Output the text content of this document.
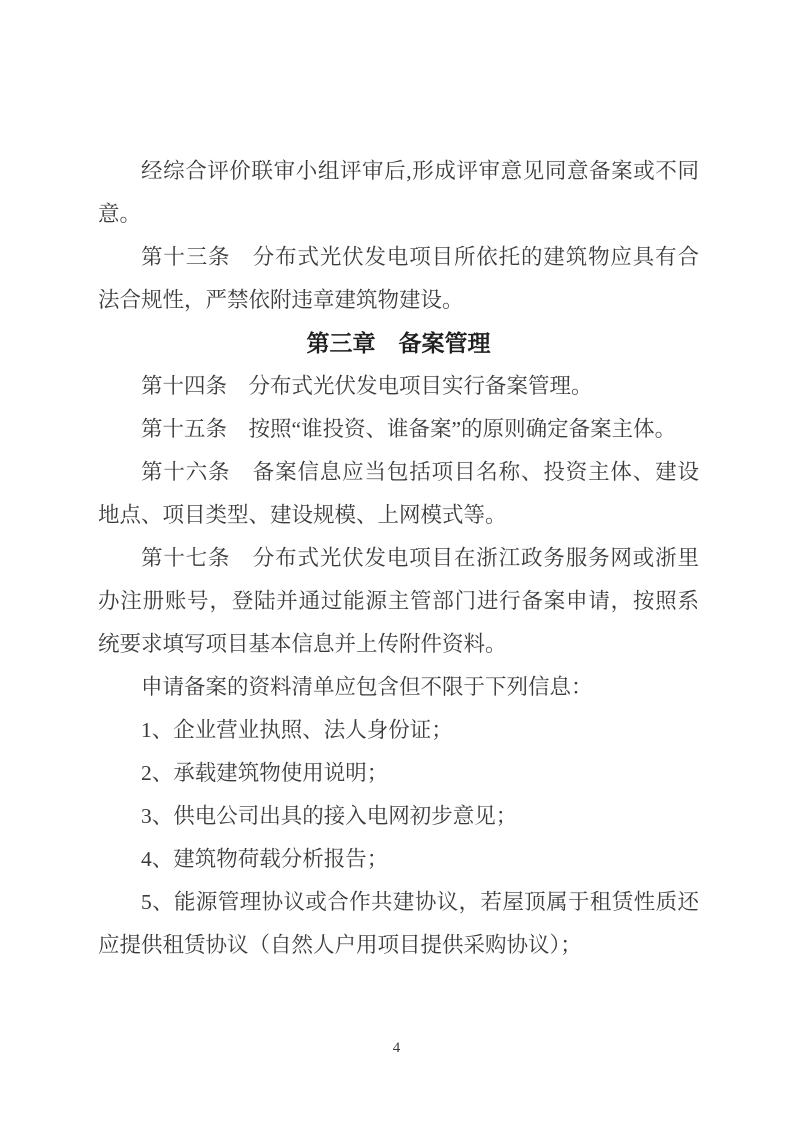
经综合评价联审小组评审后,形成评审意见同意备案或不同意。

第十三条　分布式光伏发电项目所依托的建筑物应具有合法合规性，严禁依附违章建筑物建设。

第三章　备案管理

第十四条　分布式光伏发电项目实行备案管理。

第十五条　按照“谁投资、谁备案”的原则确定备案主体。

第十六条　备案信息应当包括项目名称、投资主体、建设地点、项目类型、建设规模、上网模式等。

第十七条　分布式光伏发电项目在浙江政务服务网或浙里办注册账号，登陆并通过能源主管部门进行备案申请，按照系统要求填写项目基本信息并上传附件资料。

申请备案的资料清单应包含但不限于下列信息：

1、企业营业执照、法人身份证；

2、承载建筑物使用说明；

3、供电公司出具的接入电网初步意见；

4、建筑物荷载分析报告；

5、能源管理协议或合作共建协议，若屋顶属于租赁性质还应提供租赁协议（自然人户用项目提供采购协议）；

4
